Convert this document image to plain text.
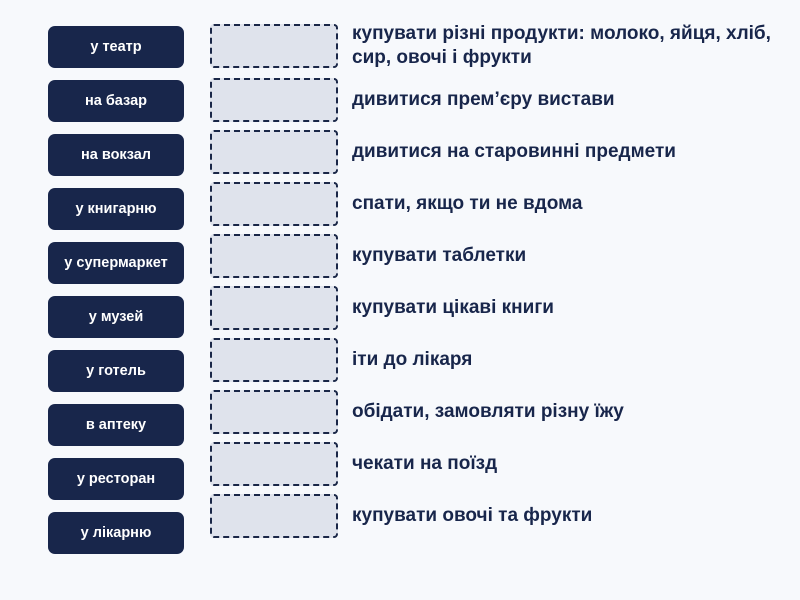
у театр
на базар
на вокзал
у книгарню
у супермаркет
у музей
у готель
в аптеку
у ресторан
у лікарню
купувати різні продукти: молоко, яйця, хліб, сир, овочі і фрукти
дивитися прем’єру вистави
дивитися на старовинні предмети
спати, якщо ти не вдома
купувати таблетки
купувати цікаві книги
іти до лікаря
обідати, замовляти різну їжу
чекати на поїзд
купувати овочі та фрукти
